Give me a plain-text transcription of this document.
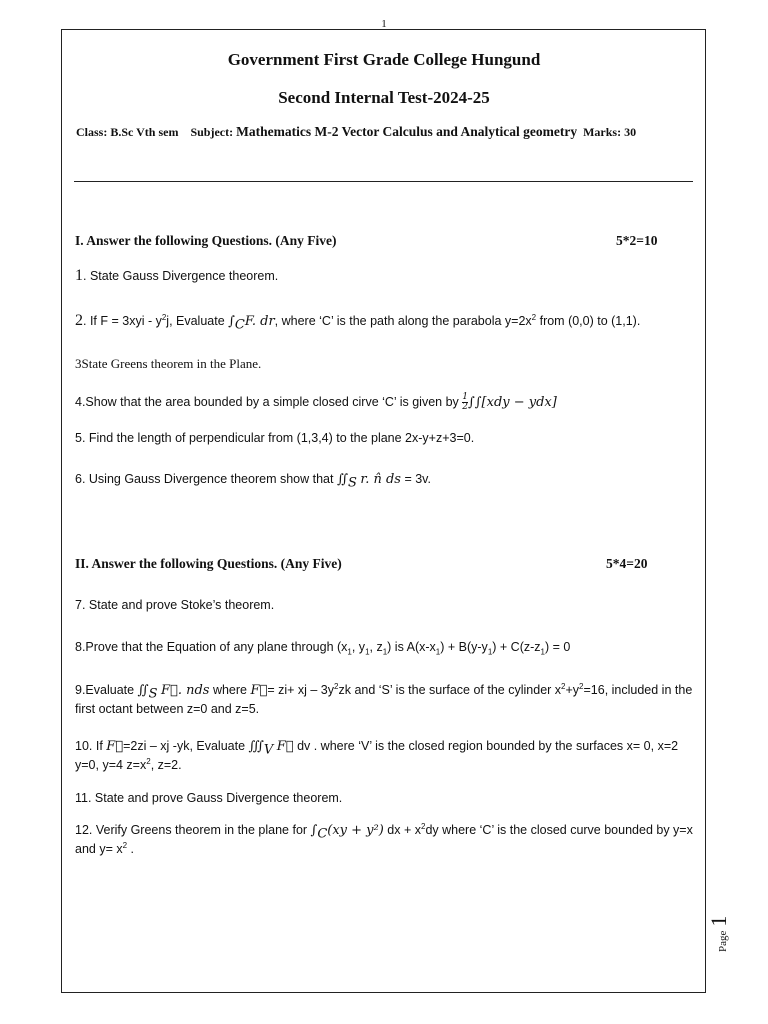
1
Government First Grade College Hungund
Second Internal Test-2024-25
Class: B.Sc Vth sem Subject: Mathematics M-2 Vector Calculus and Analytical geometry Marks: 30
I. Answer the following Questions. (Any Five)	5*2=10
1. State Gauss Divergence theorem.
2. If $F = 3xyi - y^2j$, Evaluate $\int_CF$. dr, where ‘C’ is the path along the parabola $y=2x^2$ from (0,0) to (1,1).
3State Greens theorem in the Plane.
4.Show that the area bounded by a simple closed cirve ‘C’ is given by $\frac{1}{2} \int\int[xdy - ydx]$
5. Find the length of perpendicular from (1,3,4) to the plane 2x-y+z+3=0.
6. Using Gauss Divergence theorem show that $∬_S$ r. n̂ ds = 3v.
II. Answer the following Questions. (Any Five)	5*4=20
7. State and prove Stoke’s theorem.
8.Prove that the Equation of any plane through ($x_1$, $y_1$, $z_1$) is $A(x-x_1) + B(y-y_1) + C(z-z_1) = 0$
9.Evaluate $∬_S$ F⃗. nds where F⃗= zi+ xj – $3y^2zk$ and ‘S’ is the surface of the cylinder $x^2+y^2=16$, included in the first octant between z=0 and z=5.
10. If F⃗=2zi – xj -yk, Evaluate $∭_V$ F⃗ dv . where ‘V’ is the closed region bounded by the surfaces x= 0, x=2 y=0, y=4 $z=x^2$, z=2.
11. State and prove Gauss Divergence theorem.
12. Verify Greens theorem in the plane for $\int_C(xy + y^2)$ dx + $x^2dy$ where ‘C’ is the closed curve bounded by y=x and $y= x^2$ .
Page 1
